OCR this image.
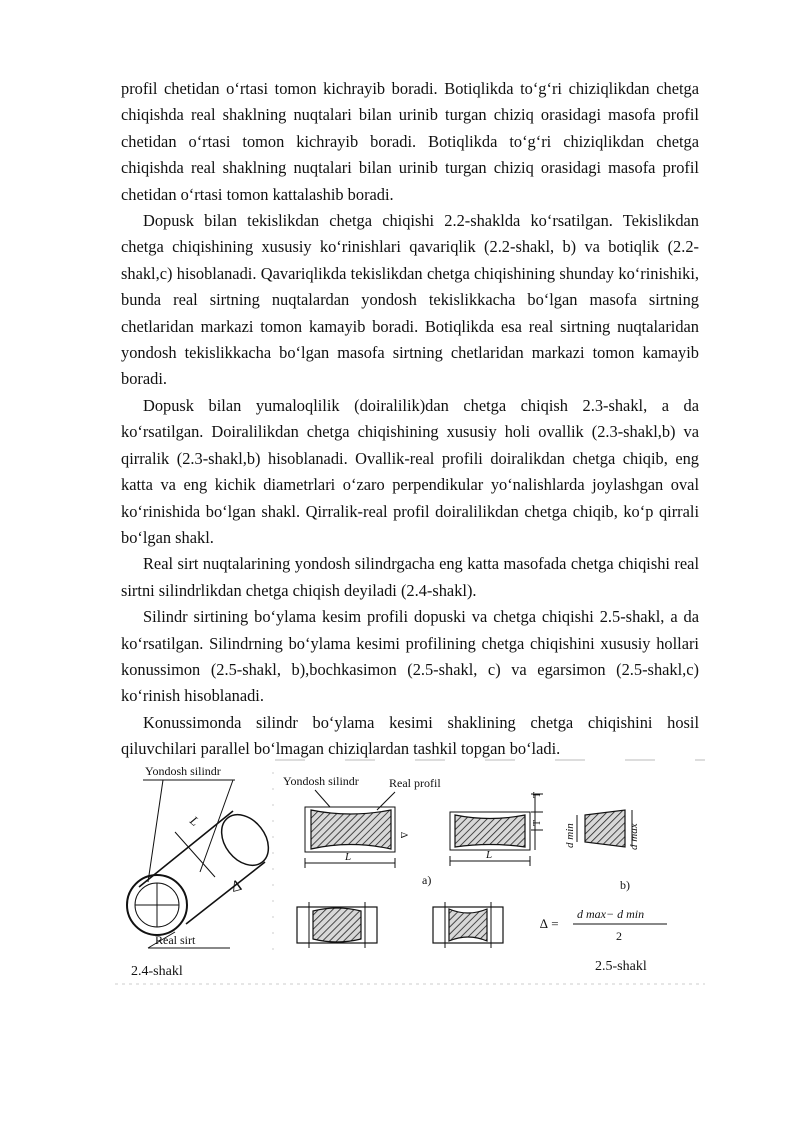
profil chetidan o‘rtasi tomon kichrayib boradi. Botiqlikda to‘g‘ri chiziqlikdan chetga chiqishda real shaklning nuqtalari bilan urinib turgan chiziq orasidagi masofa profil chetidan o‘rtasi tomon kichrayib boradi. Botiqlikda to‘g‘ri chiziqlikdan chetga chiqishda real shaklning nuqtalari bilan urinib turgan chiziq orasidagi masofa profil chetidan o‘rtasi tomon kattalashib boradi.

Dopusk bilan tekislikdan chetga chiqishi 2.2-shaklda ko‘rsatilgan. Tekislikdan chetga chiqishining xususiy ko‘rinishlari qavariqlik (2.2-shakl, b) va botiqlik (2.2-shakl,c) hisoblanadi. Qavariqlikda tekislikdan chetga chiqishining shunday ko‘rinishiki, bunda real sirtning nuqtalardan yondosh tekislikkacha bo‘lgan masofa sirtning chetlaridan markazi tomon kamayib boradi. Botiqlikda esa real sirtning nuqtalaridan yondosh tekislikkacha bo‘lgan masofa sirtning chetlaridan markazi tomon kamayib boradi.

Dopusk bilan yumaloqlilik (doiralilik)dan chetga chiqish 2.3-shakl, a da ko‘rsatilgan. Doiralilikdan chetga chiqishining xususiy holi ovallik (2.3-shakl,b) va qirralik (2.3-shakl,b) hisoblanadi. Ovallik-real profili doiralikdan chetga chiqib, eng katta va eng kichik diametrlari o‘zaro perpendikular yo‘nalishlarda joylashgan oval ko‘rinishida bo‘lgan shakl. Qirralik-real profil doiralilikdan chetga chiqib, ko‘p qirrali bo‘lgan shakl.

Real sirt nuqtalarining yondosh silindrgacha eng katta masofada chetga chiqishi real sirtni silindrlikdan chetga chiqish deyiladi (2.4-shakl).

Silindr sirtining bo‘ylama kesim profili dopuski va chetga chiqishi 2.5-shakl, a da ko‘rsatilgan. Silindrning bo‘ylama kesimi profilining chetga chiqishini xususiy hollari konussimon (2.5-shakl, b),bochkasimon (2.5-shakl, c) va egarsimon (2.5-shakl,c) ko‘rinish hisoblanadi.

Konussimonda silindr bo‘ylama kesimi shaklining chetga chiqishini hosil qiluvchilari parallel bo‘lmagan chiziqlardan tashkil topgan bo‘ladi.

Yondosh silindr
L
∆
Real sirt
2.4-shakl
Yondosh silindr	Real profil
L
∆
L
T
T
a)
d min	d max
b)
∆ =
d max− d min
2
2.5-shakl
